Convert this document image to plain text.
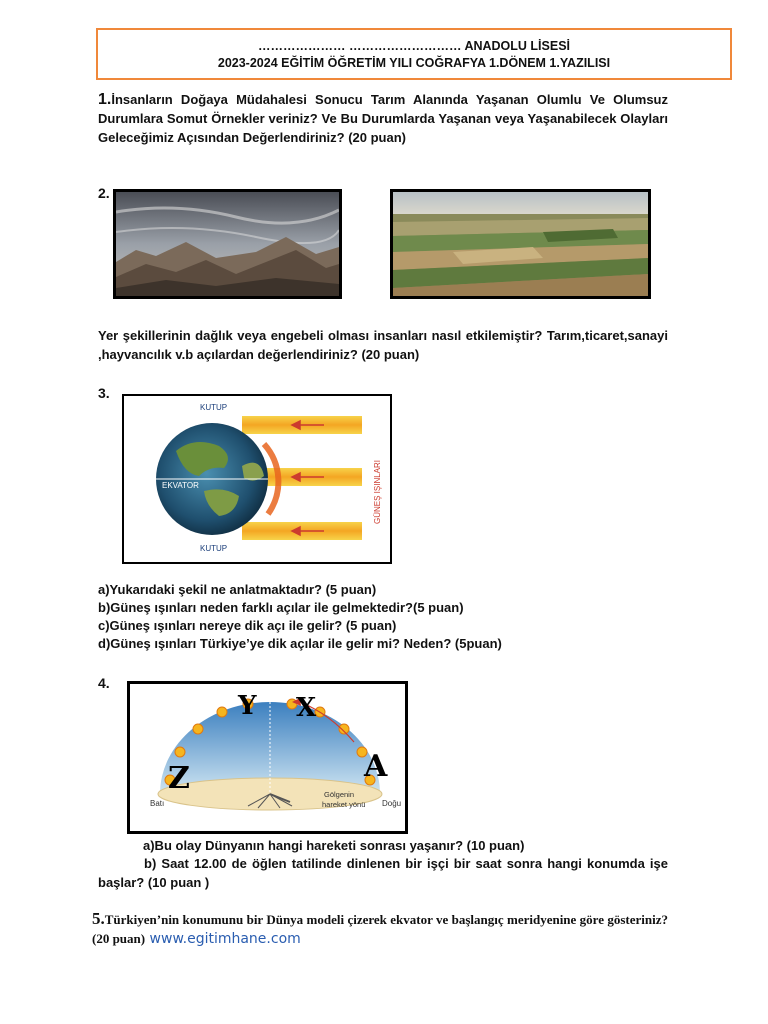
………………… ……………………… ANADOLU LİSESİ
2023-2024 EĞİTİM ÖĞRETİM YILI COĞRAFYA 1.DÖNEM 1.YAZILISI
1.İnsanların Doğaya Müdahalesi Sonucu Tarım Alanında Yaşanan Olumlu Ve Olumsuz Durumlara Somut Örnekler veriniz? Ve Bu Durumlarda Yaşanan veya Yaşanabilecek Olayları Geleceğimiz Açısından Değerlendiriniz? (20 puan)
2.
Yer şekillerinin dağlık veya engebeli olması insanları nasıl etkilemiştir? Tarım,ticaret,sanayi ,hayvancılık v.b açılardan değerlendiriniz? (20 puan)
3.
KUTUP
EKVATOR
KUTUP
GÜNEŞ IŞINLARI
a)Yukarıdaki şekil ne anlatmaktadır? (5 puan)
b)Güneş ışınları neden farklı açılar ile gelmektedir?(5 puan)
c)Güneş ışınları nereye dik açı ile gelir? (5 puan)
d)Güneş ışınları Türkiye’ye dik açılar ile gelir mi? Neden? (5puan)
4.
Y X
Z	A
Batı	Doğu
Gölgenin
hareket yönü
a)Bu olay Dünyanın hangi hareketi sonrası yaşanır? (10 puan)
b) Saat 12.00 de öğlen tatilinde dinlenen bir işçi bir saat sonra hangi konumda işe başlar? (10 puan )
5.Türkiyen’nin konumunu bir Dünya modeli çizerek ekvator ve başlangıç meridyenine göre gösteriniz? (20 puan) www.egitimhane.com
